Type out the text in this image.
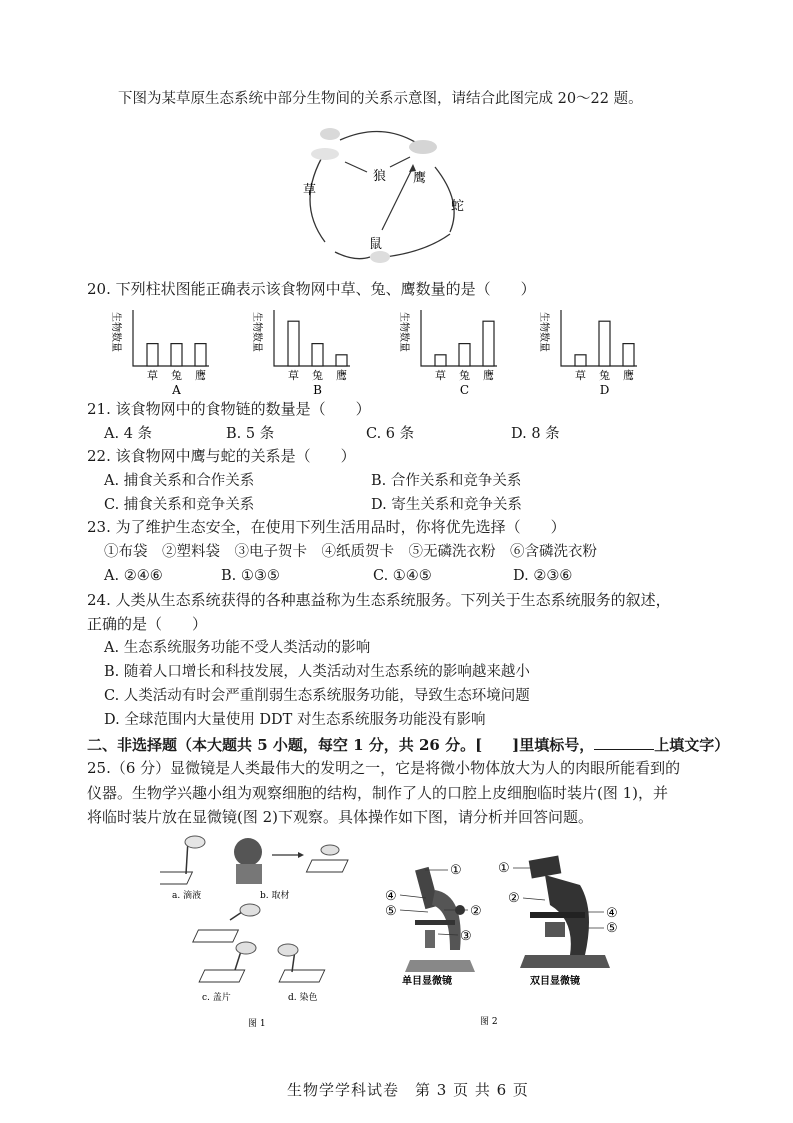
下图为某草原生态系统中部分生物间的关系示意图，请结合此图完成 20～22 题。
草
狼 鹰
蛇
鼠
20. 下列柱状图能正确表示该食物网中草、兔、鹰数量的是（　　）
生物数量
草 兔 鹰
A
生物数量
草 兔 鹰
B
生物数量
草 兔 鹰
C
生物数量
草 兔 鹰
D
21. 该食物网中的食物链的数量是（　　）
A. 4 条	B. 5 条	C. 6 条	D. 8 条
22. 该食物网中鹰与蛇的关系是（　　）
A. 捕食关系和合作关系	B. 合作关系和竞争关系
C. 捕食关系和竞争关系	D. 寄生关系和竞争关系
23. 为了维护生态安全，在使用下列生活用品时，你将优先选择（　　）
①布袋　②塑料袋　③电子贺卡　④纸质贺卡　⑤无磷洗衣粉　⑥含磷洗衣粉
A. ②④⑥	B. ①③⑤	C. ①④⑤	D. ②③⑥
24. 人类从生态系统获得的各种惠益称为生态系统服务。下列关于生态系统服务的叙述，
正确的是（　　）
A. 生态系统服务功能不受人类活动的影响
B. 随着人口增长和科技发展，人类活动对生态系统的影响越来越小
C. 人类活动有时会严重削弱生态系统服务功能，导致生态环境问题
D. 全球范围内大量使用 DDT 对生态系统服务功能没有影响
二、非选择题（本大题共 5 小题，每空 1 分，共 26 分。[　　]里填标号，	上填文字）
25.（6 分）显微镜是人类最伟大的发明之一，它是将微小物体放大为人的肉眼所能看到的
仪器。生物学兴趣小组为观察细胞的结构，制作了人的口腔上皮细胞临时装片(图 1)，并
将临时装片放在显微镜(图 2)下观察。具体操作如下图，请分析并回答问题。
a. 滴液	b. 取材
c. 盖片	d. 染色
图 1
①
④
⑤	②
③
单目显微镜
①
②
④
⑤
双目显微镜
图 2
生物学学科试卷　第 3 页 共 6 页
